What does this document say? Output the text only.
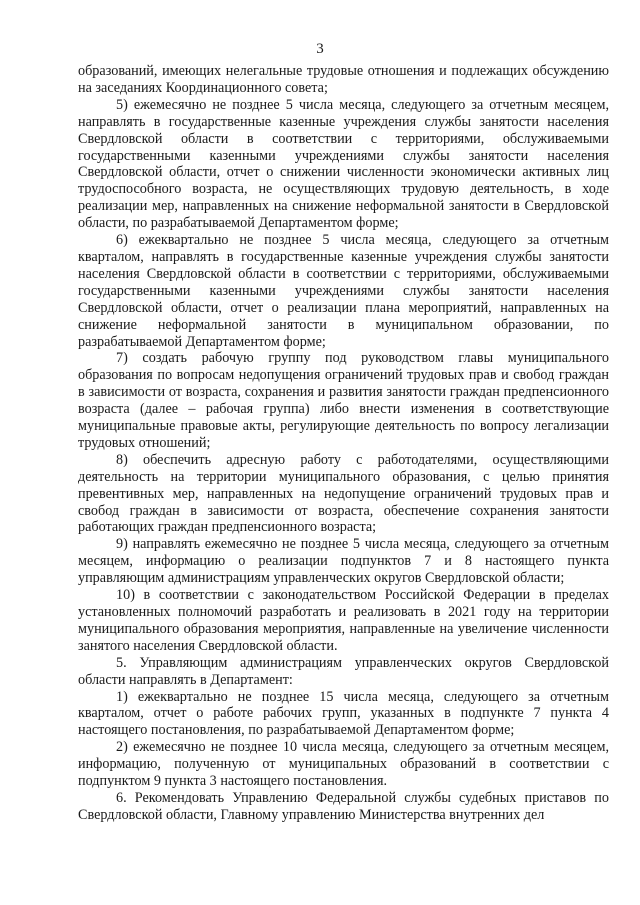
3

образований, имеющих нелегальные трудовые отношения и подлежащих обсуждению на заседаниях Координационного совета;

5) ежемесячно не позднее 5 числа месяца, следующего за отчетным месяцем, направлять в государственные казенные учреждения службы занятости населения Свердловской области в соответствии с территориями, обслуживаемыми государственными казенными учреждениями службы занятости населения Свердловской области, отчет о снижении численности экономически активных лиц трудоспособного возраста, не осуществляющих трудовую деятельность, в ходе реализации мер, направленных на снижение неформальной занятости в Свердловской области, по разрабатываемой Департаментом форме;

6) ежеквартально не позднее 5 числа месяца, следующего за отчетным кварталом, направлять в государственные казенные учреждения службы занятости населения Свердловской области в соответствии с территориями, обслуживаемыми государственными казенными учреждениями службы занятости населения Свердловской области, отчет о реализации плана мероприятий, направленных на снижение неформальной занятости в муниципальном образовании, по разрабатываемой Департаментом форме;

7) создать рабочую группу под руководством главы муниципального образования по вопросам недопущения ограничений трудовых прав и свобод граждан в зависимости от возраста, сохранения и развития занятости граждан предпенсионного возраста (далее – рабочая группа) либо внести изменения в соответствующие муниципальные правовые акты, регулирующие деятельность по вопросу легализации трудовых отношений;

8) обеспечить адресную работу с работодателями, осуществляющими деятельность на территории муниципального образования, с целью принятия превентивных мер, направленных на недопущение ограничений трудовых прав и свобод граждан в зависимости от возраста, обеспечение сохранения занятости работающих граждан предпенсионного возраста;

9) направлять ежемесячно не позднее 5 числа месяца, следующего за отчетным месяцем, информацию о реализации подпунктов 7 и 8 настоящего пункта управляющим администрациям управленческих округов Свердловской области;

10) в соответствии с законодательством Российской Федерации в пределах установленных полномочий разработать и реализовать в 2021 году на территории муниципального образования мероприятия, направленные на увеличение численности занятого населения Свердловской области.

5. Управляющим администрациям управленческих округов Свердловской области направлять в Департамент:

1) ежеквартально не позднее 15 числа месяца, следующего за отчетным кварталом, отчет о работе рабочих групп, указанных в подпункте 7 пункта 4 настоящего постановления, по разрабатываемой Департаментом форме;

2) ежемесячно не позднее 10 числа месяца, следующего за отчетным месяцем, информацию, полученную от муниципальных образований в соответствии с подпунктом 9 пункта 3 настоящего постановления.

6. Рекомендовать Управлению Федеральной службы судебных приставов по Свердловской области, Главному управлению Министерства внутренних дел
